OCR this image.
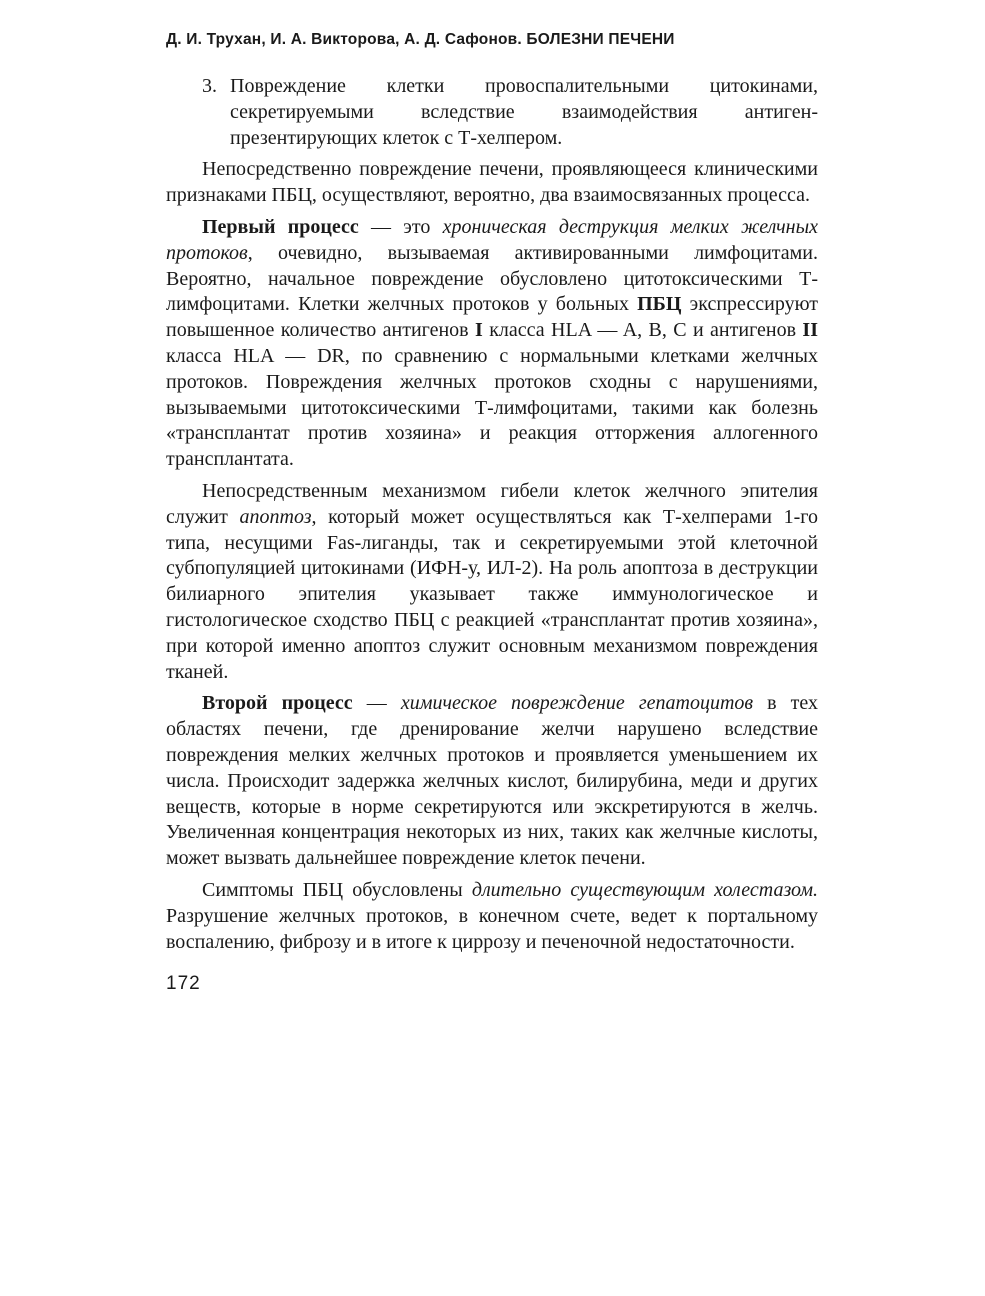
Д. И. Трухан, И. А. Викторова, А. Д. Сафонов. БОЛЕЗНИ ПЕЧЕНИ

3. Повреждение клетки провоспалительными цитокинами, секретируемыми вследствие взаимодействия антиген-презентирующих клеток с Т-хелпером.

Непосредственно повреждение печени, проявляющееся клиническими признаками ПБЦ, осуществляют, вероятно, два взаимосвязанных процесса.

Первый процесс — это хроническая деструкция мелких желчных протоков, очевидно, вызываемая активированными лимфоцитами. Вероятно, начальное повреждение обусловлено цитотоксическими Т-лимфоцитами. Клетки желчных протоков у больных ПБЦ экспрессируют повышенное количество антигенов I класса HLA — A, B, C и антигенов II класса HLA — DR, по сравнению с нормальными клетками желчных протоков. Повреждения желчных протоков сходны с нарушениями, вызываемыми цитотоксическими Т-лимфоцитами, такими как болезнь «трансплантат против хозяина» и реакция отторжения аллогенного трансплантата.

Непосредственным механизмом гибели клеток желчного эпителия служит апоптоз, который может осуществляться как Т-хелперами 1-го типа, несущими Fas-лиганды, так и секретируемыми этой клеточной субпопуляцией цитокинами (ИФН-у, ИЛ-2). На роль апоптоза в деструкции билиарного эпителия указывает также иммунологическое и гистологическое сходство ПБЦ с реакцией «трансплантат против хозяина», при которой именно апоптоз служит основным механизмом повреждения тканей.

Второй процесс — химическое повреждение гепатоцитов в тех областях печени, где дренирование желчи нарушено вследствие повреждения мелких желчных протоков и проявляется уменьшением их числа. Происходит задержка желчных кислот, билирубина, меди и других веществ, которые в норме секретируются или экскретируются в желчь. Увеличенная концентрация некоторых из них, таких как желчные кислоты, может вызвать дальнейшее повреждение клеток печени.

Симптомы ПБЦ обусловлены длительно существующим холестазом. Разрушение желчных протоков, в конечном счете, ведет к портальному воспалению, фиброзу и в итоге к циррозу и печеночной недостаточности.

172
